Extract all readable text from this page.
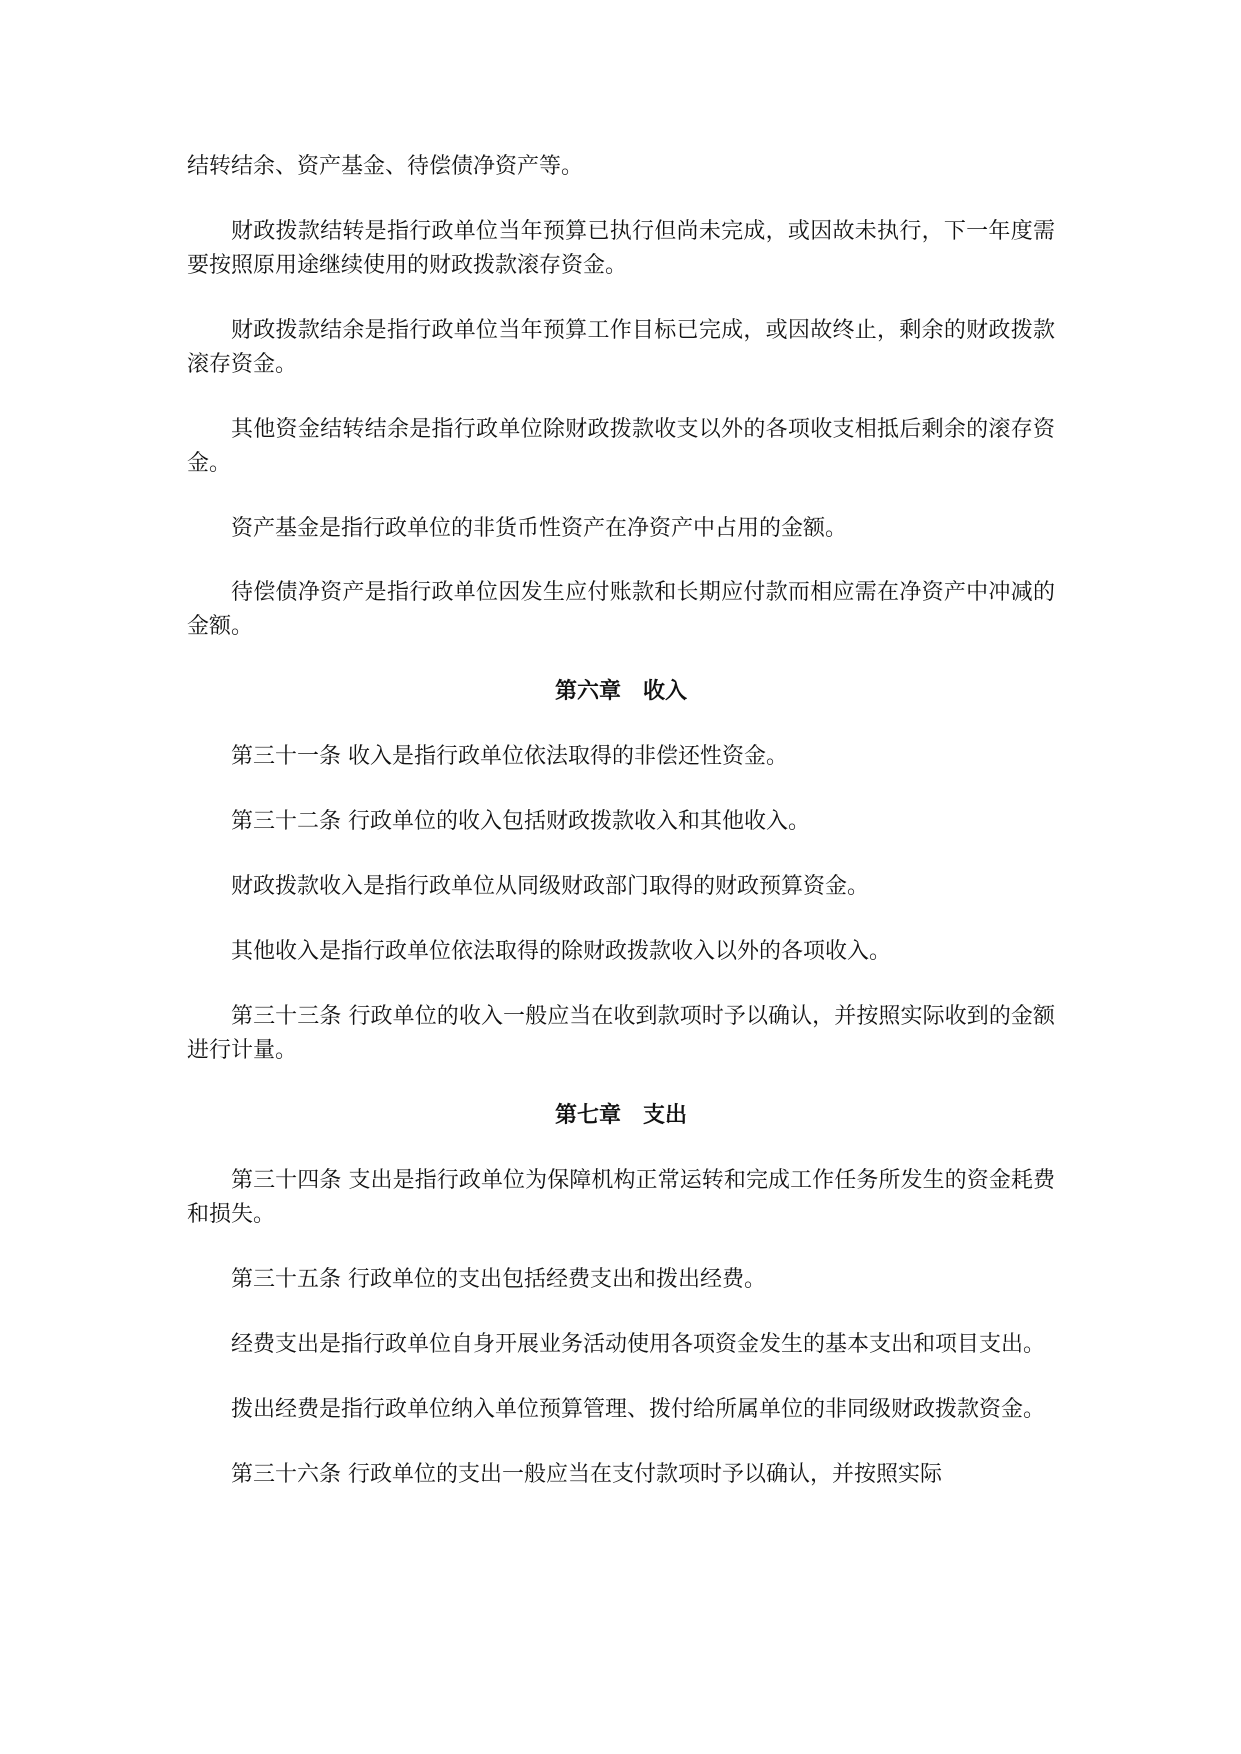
结转结余、资产基金、待偿债净资产等。

财政拨款结转是指行政单位当年预算已执行但尚未完成，或因故未执行，下一年度需要按照原用途继续使用的财政拨款滚存资金。

财政拨款结余是指行政单位当年预算工作目标已完成，或因故终止，剩余的财政拨款滚存资金。

其他资金结转结余是指行政单位除财政拨款收支以外的各项收支相抵后剩余的滚存资金。

资产基金是指行政单位的非货币性资产在净资产中占用的金额。

待偿债净资产是指行政单位因发生应付账款和长期应付款而相应需在净资产中冲减的金额。

第六章　收入

第三十一条 收入是指行政单位依法取得的非偿还性资金。

第三十二条 行政单位的收入包括财政拨款收入和其他收入。

财政拨款收入是指行政单位从同级财政部门取得的财政预算资金。

其他收入是指行政单位依法取得的除财政拨款收入以外的各项收入。

第三十三条 行政单位的收入一般应当在收到款项时予以确认，并按照实际收到的金额进行计量。

第七章　支出

第三十四条 支出是指行政单位为保障机构正常运转和完成工作任务所发生的资金耗费和损失。

第三十五条 行政单位的支出包括经费支出和拨出经费。

经费支出是指行政单位自身开展业务活动使用各项资金发生的基本支出和项目支出。

拨出经费是指行政单位纳入单位预算管理、拨付给所属单位的非同级财政拨款资金。

第三十六条 行政单位的支出一般应当在支付款项时予以确认，并按照实际
